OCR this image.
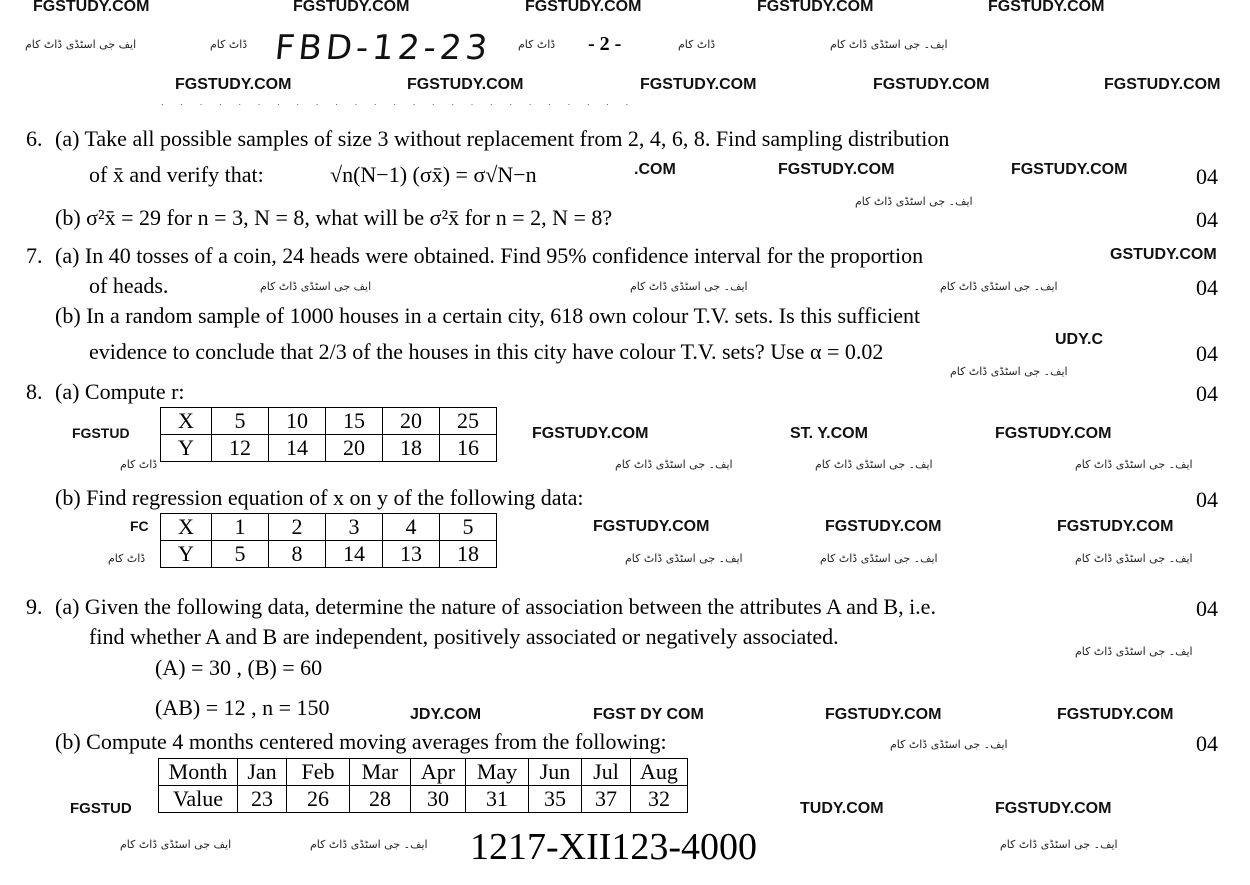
FGSTUDY.COM	FGSTUDY.COM	FGSTUDY.COM	FGSTUDY.COM	FGSTUDY.COM
ایف جی اسٹڈی ڈاٹ کام	ڈاٹ کام FBD-12-23 ڈاٹ کام - 2 -	ڈاٹ کام	ایف۔ جی اسٹڈی ڈاٹ کام
FGSTUDY.COM	FGSTUDY.COM	FGSTUDY.COM	FGSTUDY.COM	FGSTUDY.COM
˙ ˙ ˙ ˙ ˙ ˙ ˙ ˙ ˙ ˙ ˙ ˙ ˙ ˙ ˙ ˙ ˙ ˙ ˙ ˙ ˙ ˙ ˙ ˙ ˙
6. (a) Take all possible samples of size 3 without replacement from 2, 4, 6, 8. Find sampling distribution
of x̄ and verify that:	√n(N−1) (σx̄) = σ√N−n	.COM	FGSTUDY.COM	FGSTUDY.COM	04
(b) σ²x̄ = 29 for n = 3, N = 8, what will be σ²x̄ for n = 2, N = 8?
ایف۔ جی اسٹڈی ڈاٹ کام
04
7. (a) In 40 tosses of a coin, 24 heads were obtained. Find 95% confidence interval for the proportion	GSTUDY.COM
of heads.	ایف جی اسٹڈی ڈاٹ کام	ایف۔ جی اسٹڈی ڈاٹ کام	ایف۔ جی اسٹڈی ڈاٹ کام	04
(b) In a random sample of 1000 houses in a certain city, 618 own colour T.V. sets. Is this sufficient
evidence to conclude that 2/3 of the houses in this city have colour T.V. sets? Use α = 0.02	UDY.C
04
ایف۔ جی اسٹڈی ڈاٹ کام
8. (a) Compute r:	04
FGSTUD
ڈاٹ کام
X	5	10	15	20	25
Y	12	14	20	18	16
FGSTUDY.COM	ST. Y.COM	FGSTUDY.COM
ایف۔ جی اسٹڈی ڈاٹ کام	ایف۔ جی اسٹڈی ڈاٹ کام	ایف۔ جی اسٹڈی ڈاٹ کام
(b) Find regression equation of x on y of the following data:	04
FC
ڈاٹ کام
X	1	2	3	4	5
Y	5	8	14	13	18
FGSTUDY.COM	FGSTUDY.COM	FGSTUDY.COM
ایف۔ جی اسٹڈی ڈاٹ کام	ایف۔ جی اسٹڈی ڈاٹ کام	ایف۔ جی اسٹڈی ڈاٹ کام
9. (a) Given the following data, determine the nature of association between the attributes A and B, i.e.	04
find whether A and B are independent, positively associated or negatively associated.
ایف۔ جی اسٹڈی ڈاٹ کام
(A) = 30 , (B) = 60
(AB) = 12 , n = 150	JDY.COM	FGST DY COM	FGSTUDY.COM	FGSTUDY.COM
(b) Compute 4 months centered moving averages from the following:	ایف۔ جی اسٹڈی ڈاٹ کام	04
FGSTUD
Month	Jan	Feb	Mar	Apr	May	Jun	Jul	Aug
Value	23	26	28	30	31	35	37	32	TUDY.COM	FGSTUDY.COM
ایف جی اسٹڈی ڈاٹ کام	ایف۔ جی اسٹڈی ڈاٹ کام 1217-XII123-4000	ایف۔ جی اسٹڈی ڈاٹ کام
